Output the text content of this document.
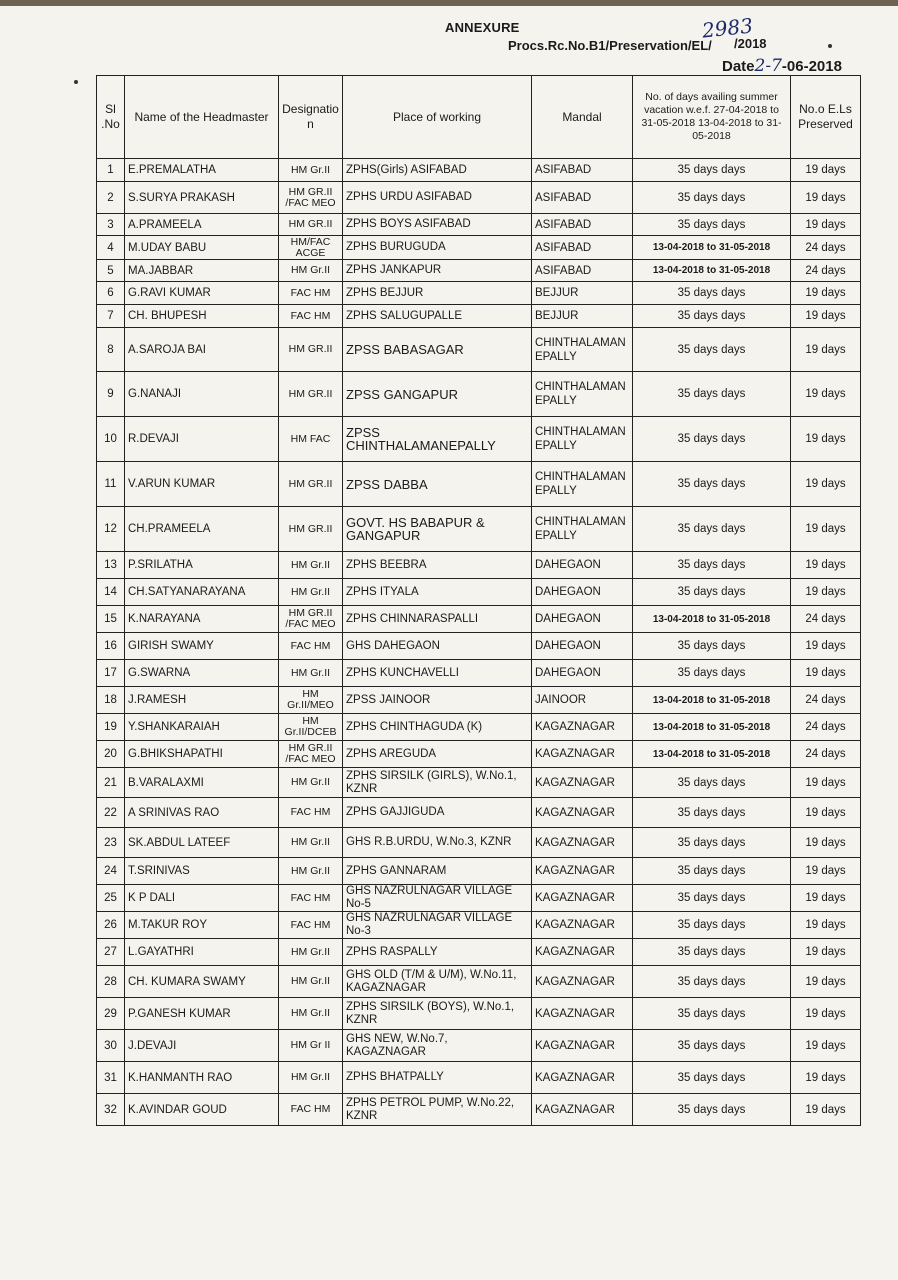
ANNEXURE
Procs.Rc.No.B1/Preservation/EL/
2983
/2018
Date2-7-06-2018
Sl .No	Name of the Headmaster	Designatio n	Place of working	Mandal	No. of days availing summer vacation w.e.f. 27-04-2018 to 31-05-2018 13-04-2018 to 31-05-2018	No.o E.Ls Preserved
1	E.PREMALATHA	HM Gr.II	ZPHS(Girls) ASIFABAD	ASIFABAD	35 days days	19 days
2	S.SURYA PRAKASH	HM GR.II /FAC MEO	ZPHS URDU ASIFABAD	ASIFABAD	35 days days	19 days
3	A.PRAMEELA	HM GR.II	ZPHS BOYS ASIFABAD	ASIFABAD	35 days days	19 days
4	M.UDAY BABU	HM/FAC ACGE	ZPHS BURUGUDA	ASIFABAD	13-04-2018 to 31-05-2018	24 days
5	MA.JABBAR	HM Gr.II	ZPHS JANKAPUR	ASIFABAD	13-04-2018 to 31-05-2018	24 days
6	G.RAVI KUMAR	FAC HM	ZPHS BEJJUR	BEJJUR	35 days days	19 days
7	CH. BHUPESH	FAC HM	ZPHS SALUGUPALLE	BEJJUR	35 days days	19 days
8	A.SAROJA BAI	HM GR.II	ZPSS BABASAGAR	CHINTHALAMAN EPALLY	35 days days	19 days
9	G.NANAJI	HM GR.II	ZPSS GANGAPUR	CHINTHALAMAN EPALLY	35 days days	19 days
10	R.DEVAJI	HM FAC	ZPSS CHINTHALAMANEPALLY	CHINTHALAMAN EPALLY	35 days days	19 days
11	V.ARUN KUMAR	HM GR.II	ZPSS DABBA	CHINTHALAMAN EPALLY	35 days days	19 days
12	CH.PRAMEELA	HM GR.II	GOVT. HS BABAPUR & GANGAPUR	CHINTHALAMAN EPALLY	35 days days	19 days
13	P.SRILATHA	HM Gr.II	ZPHS BEEBRA	DAHEGAON	35 days days	19 days
14	CH.SATYANARAYANA	HM Gr.II	ZPHS ITYALA	DAHEGAON	35 days days	19 days
15	K.NARAYANA	HM GR.II /FAC MEO	ZPHS CHINNARASPALLI	DAHEGAON	13-04-2018 to 31-05-2018	24 days
16	GIRISH SWAMY	FAC HM	GHS DAHEGAON	DAHEGAON	35 days days	19 days
17	G.SWARNA	HM Gr.II	ZPHS KUNCHAVELLI	DAHEGAON	35 days days	19 days
18	J.RAMESH	HM Gr.II/MEO	ZPSS JAINOOR	JAINOOR	13-04-2018 to 31-05-2018	24 days
19	Y.SHANKARAIAH	HM Gr.II/DCEB	ZPHS CHINTHAGUDA (K)	KAGAZNAGAR	13-04-2018 to 31-05-2018	24 days
20	G.BHIKSHAPATHI	HM GR.II /FAC MEO	ZPHS AREGUDA	KAGAZNAGAR	13-04-2018 to 31-05-2018	24 days
21	B.VARALAXMI	HM Gr.II	ZPHS SIRSILK (GIRLS), W.No.1, KZNR	KAGAZNAGAR	35 days days	19 days
22	A SRINIVAS RAO	FAC HM	ZPHS GAJJIGUDA	KAGAZNAGAR	35 days days	19 days
23	SK.ABDUL LATEEF	HM Gr.II	GHS R.B.URDU, W.No.3, KZNR	KAGAZNAGAR	35 days days	19 days
24	T.SRINIVAS	HM Gr.II	ZPHS GANNARAM	KAGAZNAGAR	35 days days	19 days
25	K P DALI	FAC HM	GHS NAZRULNAGAR VILLAGE No-5	KAGAZNAGAR	35 days days	19 days
26	M.TAKUR ROY	FAC HM	GHS NAZRULNAGAR VILLAGE No-3	KAGAZNAGAR	35 days days	19 days
27	L.GAYATHRI	HM Gr.II	ZPHS RASPALLY	KAGAZNAGAR	35 days days	19 days
28	CH. KUMARA SWAMY	HM Gr.II	GHS OLD (T/M & U/M), W.No.11, KAGAZNAGAR	KAGAZNAGAR	35 days days	19 days
29	P.GANESH KUMAR	HM Gr.II	ZPHS SIRSILK (BOYS), W.No.1, KZNR	KAGAZNAGAR	35 days days	19 days
30	J.DEVAJI	HM Gr II	GHS NEW, W.No.7, KAGAZNAGAR	KAGAZNAGAR	35 days days	19 days
31	K.HANMANTH RAO	HM Gr.II	ZPHS BHATPALLY	KAGAZNAGAR	35 days days	19 days
32	K.AVINDAR GOUD	FAC HM	ZPHS PETROL PUMP, W.No.22, KZNR	KAGAZNAGAR	35 days days	19 days
